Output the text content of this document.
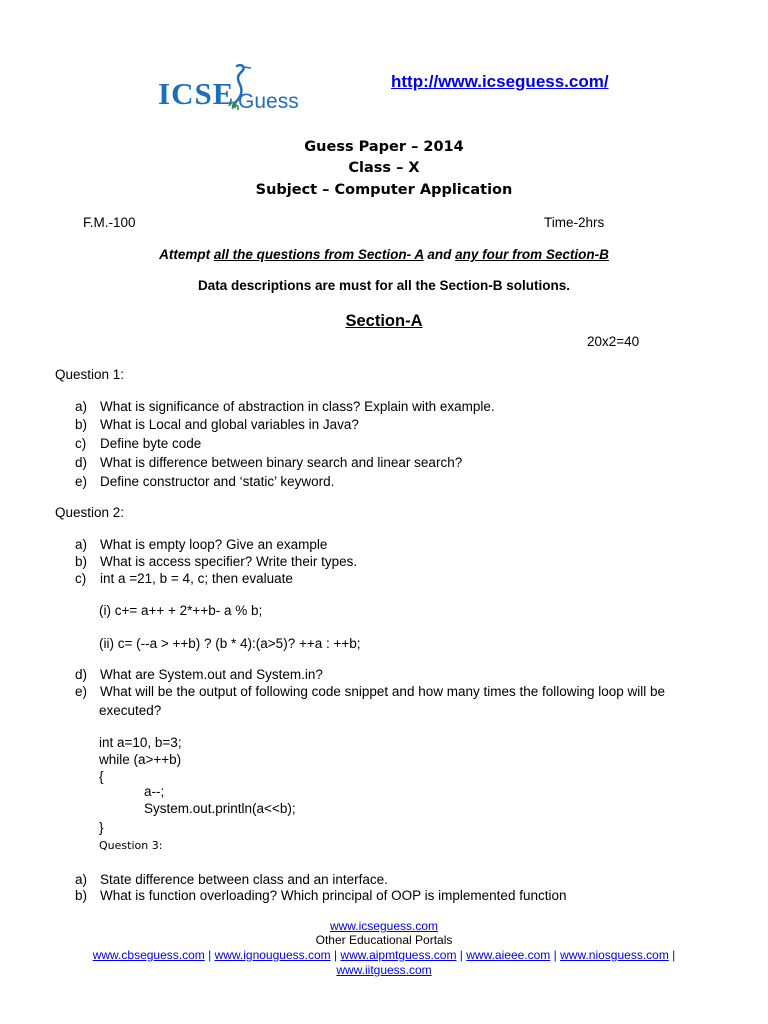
ICSE Guess
http://www.icseguess.com/
Guess Paper – 2014
Class – X
Subject – Computer Application
F.M.-100	Time-2hrs
Attempt all the questions from Section- A and any four from Section-B
Data descriptions are must for all the Section-B solutions.
Section-A
20x2=40
Question 1:
a) What is significance of abstraction in class? Explain with example.
b) What is Local and global variables in Java?
c) Define byte code
d) What is difference between binary search and linear search?
e) Define constructor and ‘static’ keyword.
Question 2:
a) What is empty loop? Give an example
b) What is access specifier? Write their types.
c) int a =21, b = 4, c; then evaluate
(i) c+= a++ + 2*++b- a % b;
(ii) c= (--a > ++b) ? (b * 4):(a>5)? ++a : ++b;
d) What are System.out and System.in?
e) What will be the output of following code snippet and how many times the following loop will be
executed?
int a=10, b=3;
while (a>++b)
{
a--;
System.out.println(a<<b);
}
Question 3:
a) State difference between class and an interface.
b) What is function overloading? Which principal of OOP is implemented function
www.icseguess.com
Other Educational Portals
www.cbseguess.com | www.ignouguess.com | www.aipmtguess.com | www.aieee.com | www.niosguess.com |
www.iitguess.com
